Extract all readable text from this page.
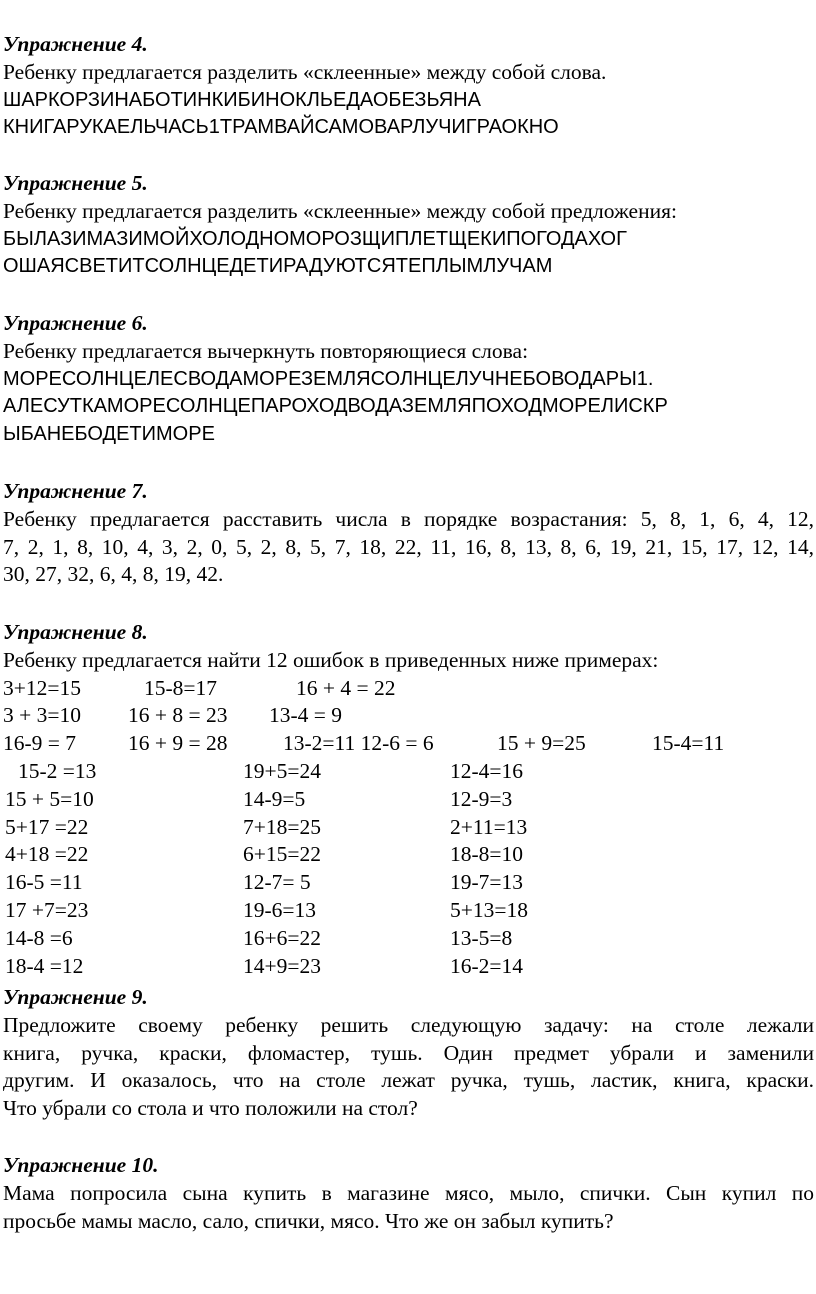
Упражнение 4.
Ребенку предлагается разделить «склеенные» между собой слова.
ШАРКОРЗИНАБОТИНКИБИНОКЛЬЕДАОБЕЗЬЯНА
КНИГАРУКАЕЛЬЧАСЬ1ТРАМВАЙСАМОВАРЛУЧИГРАОКНО
Упражнение 5.
Ребенку предлагается разделить «склеенные» между собой предложения:
БЫЛАЗИМАЗИМОЙХОЛОДНОМОРОЗЩИПЛЕТЩЕКИПОГОДАХОГ
ОШАЯСВЕТИТСОЛНЦЕДЕТИРАДУЮТСЯТЕПЛЫМЛУЧАМ
Упражнение 6.
Ребенку предлагается вычеркнуть повторяющиеся слова:
МОРЕСОЛНЦЕЛЕСВОДАМОРЕЗЕМЛЯСОЛНЦЕЛУЧНЕБОВОДАРЫ1.
АЛЕСУТКАМОРЕСОЛНЦЕПАРОХОДВОДАЗЕМЛЯПОХОДМОРЕЛИСКР
ЫБАНЕБОДЕТИМОРЕ
Упражнение 7.
Ребенку предлагается расставить числа в порядке возрастания: 5, 8, 1, 6, 4, 12,
7, 2, 1, 8, 10, 4, 3, 2, 0, 5, 2, 8, 5, 7, 18, 22, 11, 16, 8, 13, 8, 6, 19, 21, 15, 17, 12, 14,
30, 27, 32, 6, 4, 8, 19, 42.
Упражнение 8.
Ребенку предлагается найти 12 ошибок в приведенных ниже примерах:
3+12=15	15-8=17	16 + 4 = 22
3 + 3=10 16 + 8 = 23 13-4 = 9
16-9 = 7 16 + 9 = 28	13-2=11 12-6 = 6	15 + 9=25	15-4=11
15-2 =13	19+5=24	12-4=16
15 + 5=10	14-9=5	12-9=3
5+17 =22	7+18=25	2+11=13
4+18 =22	6+15=22	18-8=10
16-5 =11	12-7= 5	19-7=13
17 +7=23	19-6=13	5+13=18
14-8 =6	16+6=22	13-5=8
18-4 =12	14+9=23	16-2=14
Упражнение 9.
Предложите своему ребенку решить следующую задачу: на столе лежали
книга, ручка, краски, фломастер, тушь. Один предмет убрали и заменили
другим. И оказалось, что на столе лежат ручка, тушь, ластик, книга, краски.
Что убрали со стола и что положили на стол?
Упражнение 10.
Мама попросила сына купить в магазине мясо, мыло, спички. Сын купил по
просьбе мамы масло, сало, спички, мясо. Что же он забыл купить?
